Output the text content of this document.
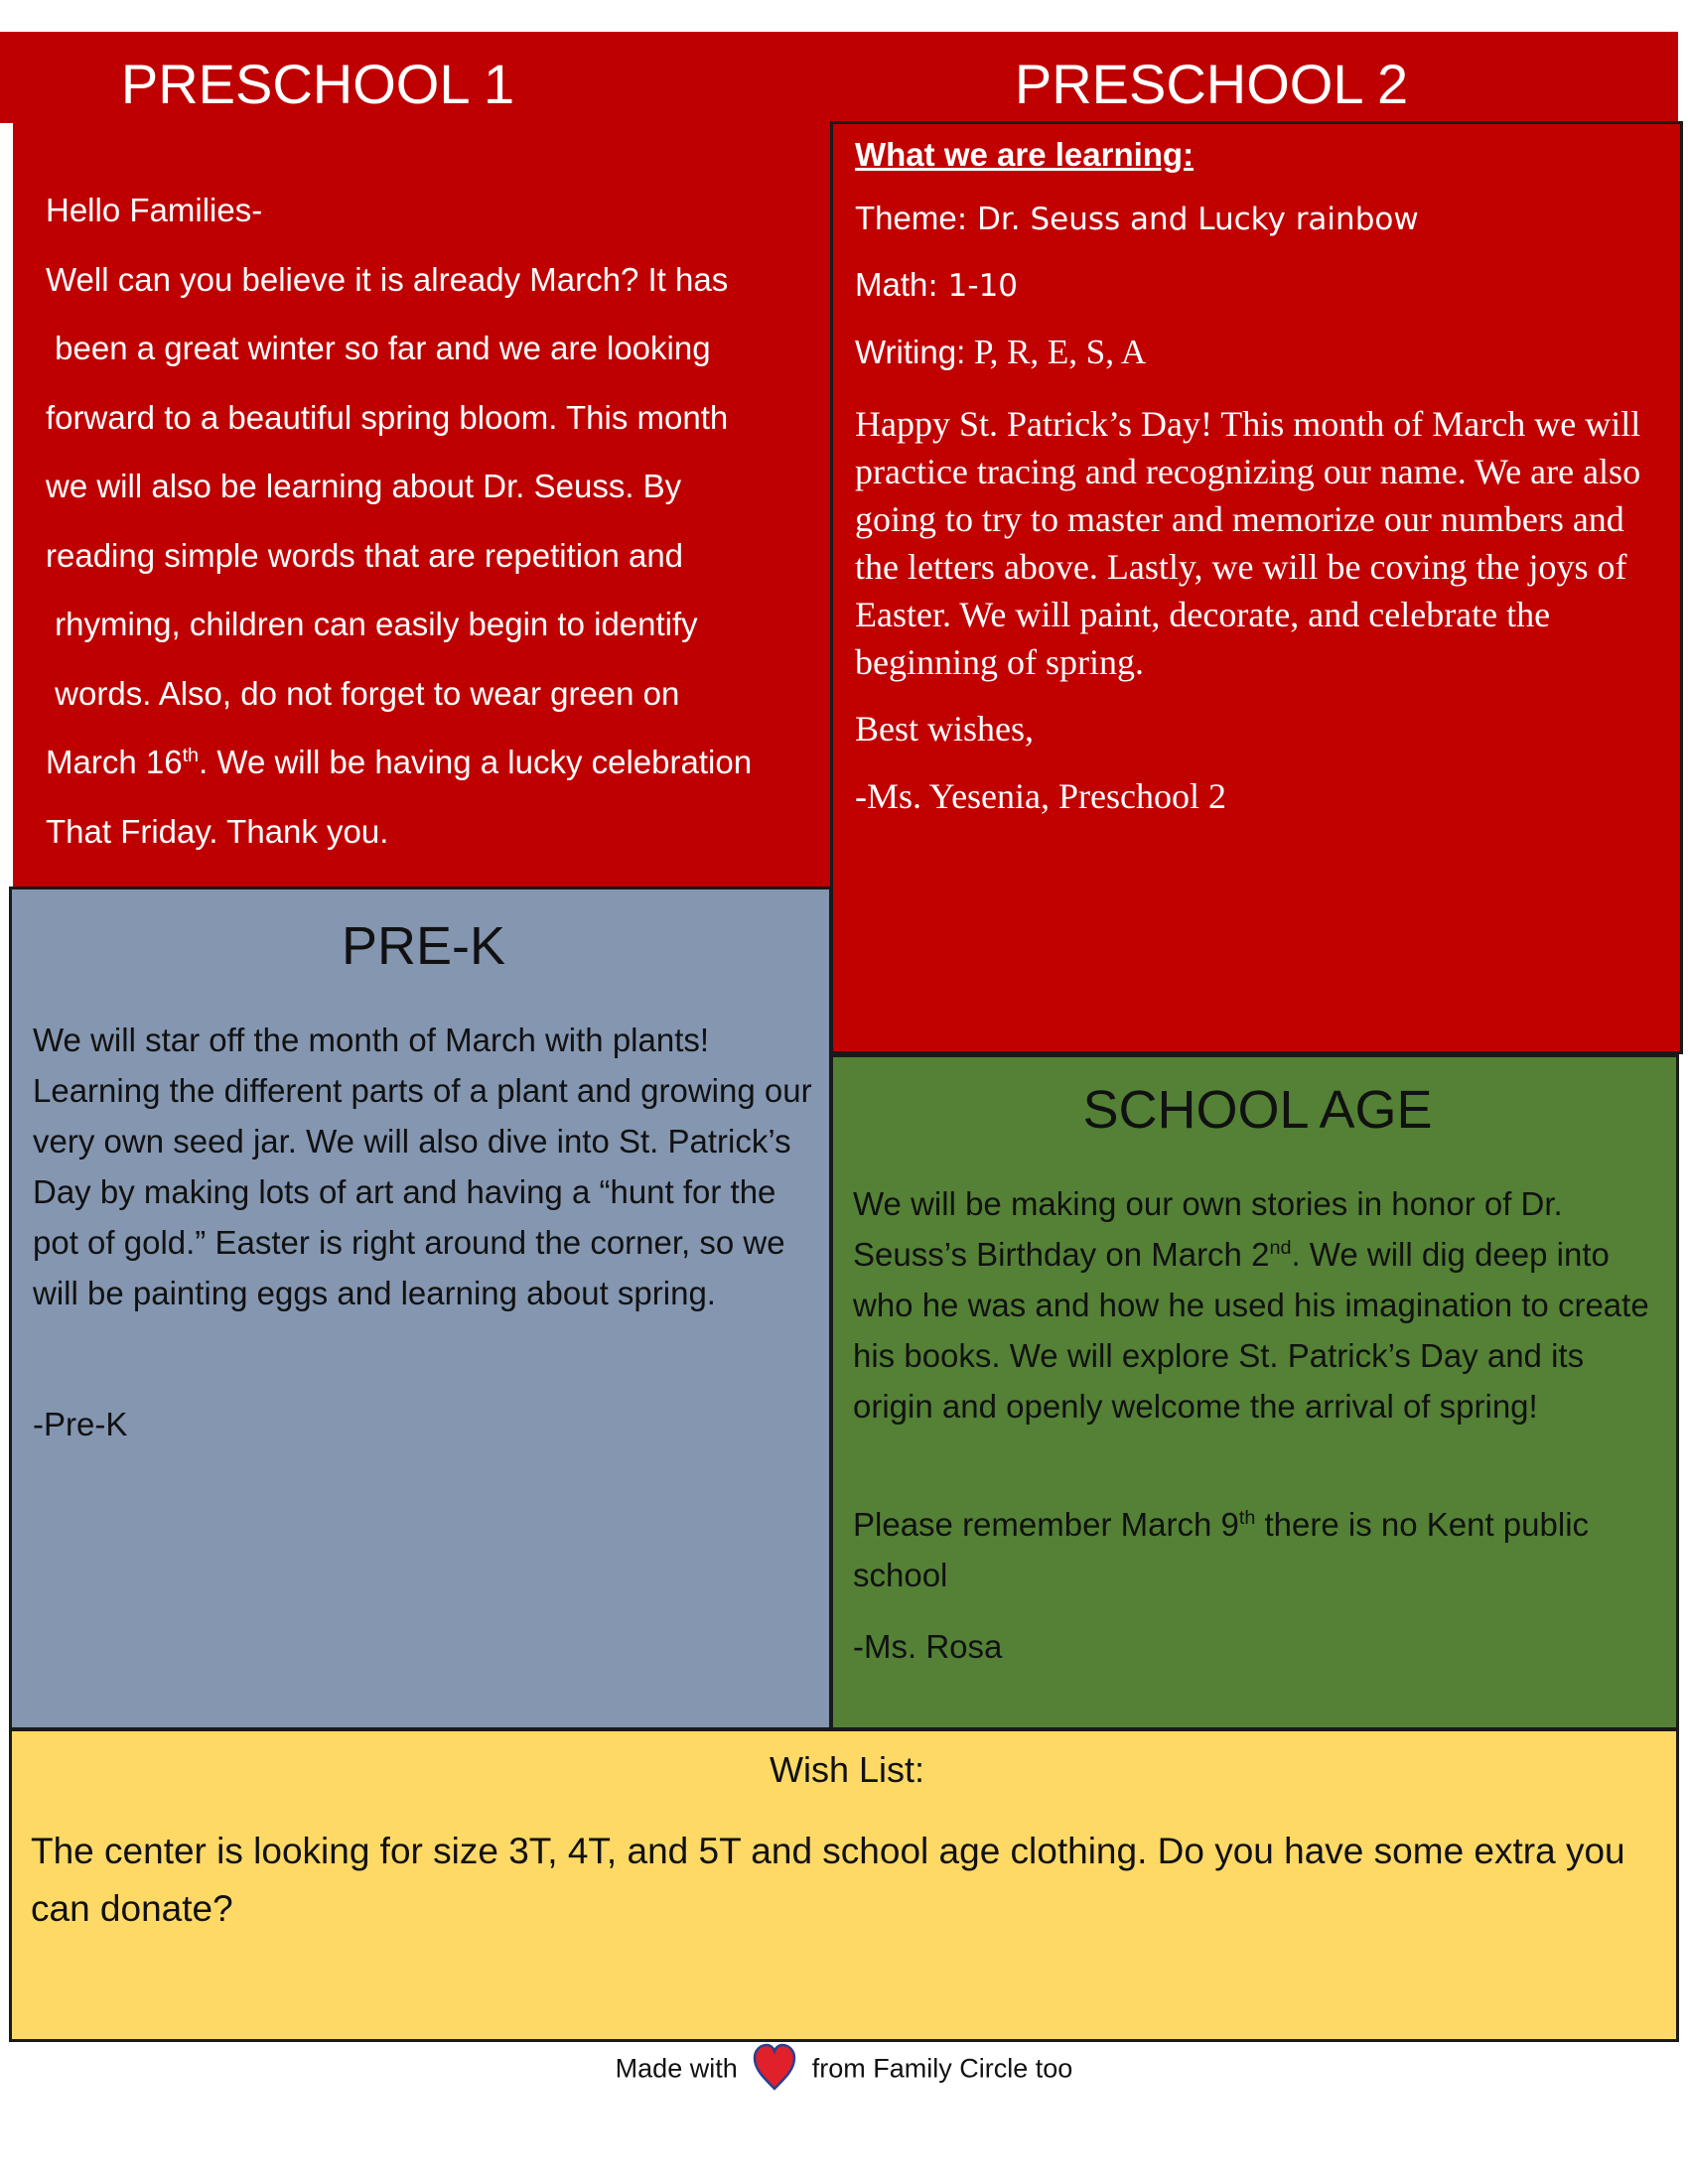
Hello Families-

Well can you believe it is already March? It has

been a great winter so far and we are looking

forward to a beautiful spring bloom. This month

we will also be learning about Dr. Seuss. By

reading simple words that are repetition and

rhyming, children can easily begin to identify

words. Also, do not forget to wear green on

March 16th. We will be having a lucky celebration

That Friday. Thank you.

PRESCHOOL 1	PRESCHOOL 2

What we are learning:

Theme: Dr. Seuss and Lucky rainbow

Math: 1-10

Writing: P, R, E, S, A

Happy St. Patrick’s Day! This month of March we will practice tracing and recognizing our name. We are also going to try to master and memorize our numbers and the letters above. Lastly, we will be coving the joys of Easter. We will paint, decorate, and celebrate the beginning of spring.

Best wishes,

-Ms. Yesenia, Preschool 2

PRE-K

We will star off the month of March with plants! Learning the different parts of a plant and growing our very own seed jar. We will also dive into St. Patrick’s Day by making lots of art and having a “hunt for the pot of gold.” Easter is right around the corner, so we will be painting eggs and learning about spring.

-Pre-K

SCHOOL AGE

We will be making our own stories in honor of Dr. Seuss’s Birthday on March 2nd. We will dig deep into who he was and how he used his imagination to create his books. We will explore St. Patrick’s Day and its origin and openly welcome the arrival of spring!

Please remember March 9th there is no Kent public school

-Ms. Rosa

Wish List:

The center is looking for size 3T, 4T, and 5T and school age clothing. Do you have some extra you can donate?

Made with	from Family Circle too
